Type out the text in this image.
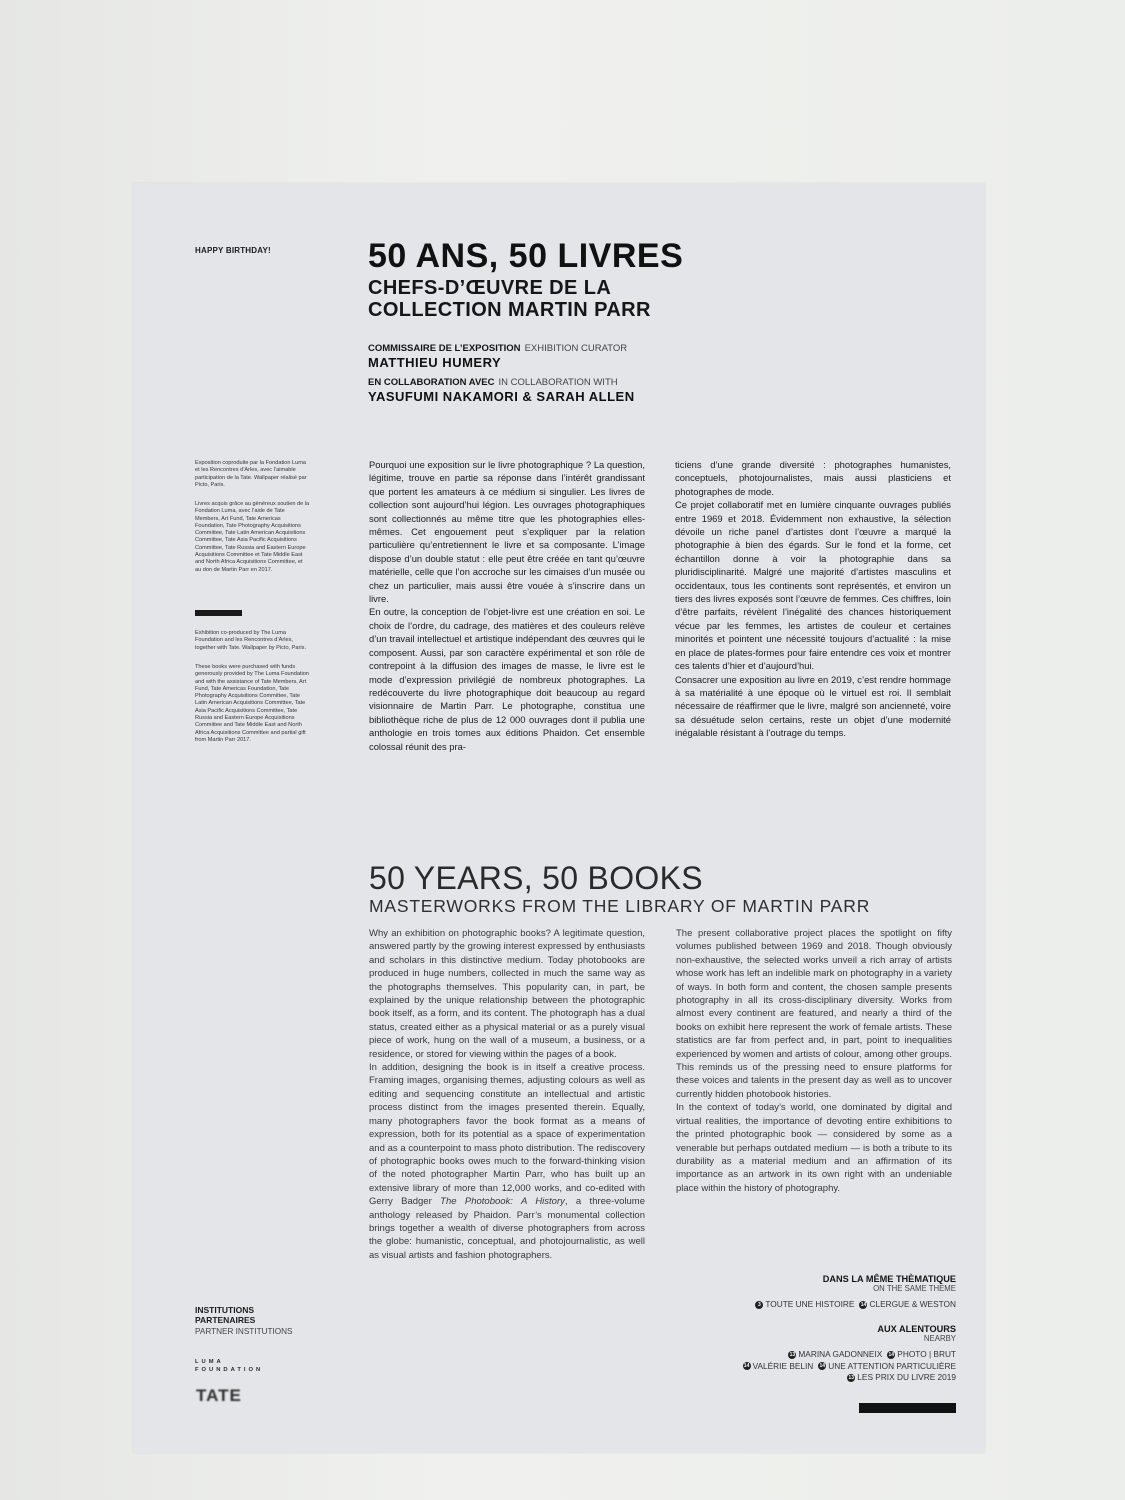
HAPPY BIRTHDAY!	50 ANS, 50 LIVRES
CHEFS-D’ŒUVRE DE LA
COLLECTION MARTIN PARR
COMMISSAIRE DE L’EXPOSITION EXHIBITION CURATOR
MATTHIEU HUMERY
EN COLLABORATION AVEC IN COLLABORATION WITH
YASUFUMI NAKAMORI & SARAH ALLEN
Exposition coproduite par la Fondation Luma et les Rencontres d’Arles, avec l’aimable participation de la Tate. Wallpaper réalisé par Picto, Paris.
Livres acquis grâce au généreux soutien de la Fondation Luma, avec l’aide de Tate Members, Art Fund, Tate Americas Foundation, Tate Photography Acquisitions Committee, Tate Latin American Acquisitions Committee, Tate Asia Pacific Acquisitions Committee, Tate Russia and Eastern Europe Acquisitions Committee et Tate Middle East and North Africa Acquisitions Committee, et au don de Martin Parr en 2017.
Exhibition co-produced by The Luma Foundation and les Rencontres d’Arles, together with Tate. Wallpaper by Picto, Paris.
These books were purchased with funds generously provided by The Luma Foundation and with the assistance of Tate Members, Art Fund, Tate Americas Foundation, Tate Photography Acquisitions Committee, Tate Latin American Acquisitions Committee, Tate Asia Pacific Acquisitions Committee, Tate Russia and Eastern Europe Acquisitions Committee and Tate Middle East and North Africa Acquisitions Committee and partial gift from Martin Parr 2017.
Pourquoi une exposition sur le livre photographique ? La question, légitime, trouve en partie sa réponse dans l’intérêt grandissant que portent les amateurs à ce médium si singulier. Les livres de collection sont aujourd’hui légion. Les ouvrages photographiques sont collectionnés au même titre que les photographies elles-mêmes. Cet engouement peut s’expliquer par la relation particulière qu’entretiennent le livre et sa composante. L’image dispose d’un double statut : elle peut être créée en tant qu’œuvre matérielle, celle que l’on accroche sur les cimaises d’un musée ou chez un particulier, mais aussi être vouée à s’inscrire dans un livre.
En outre, la conception de l’objet-livre est une création en soi. Le choix de l’ordre, du cadrage, des matières et des couleurs relève d’un travail intellectuel et artistique indépendant des œuvres qui le composent. Aussi, par son caractère expérimental et son rôle de contrepoint à la diffusion des images de masse, le livre est le mode d’expression privilégié de nombreux photographes. La redécouverte du livre photographique doit beaucoup au regard visionnaire de Martin Parr. Le photographe, constitua une bibliothèque riche de plus de 12 000 ouvrages dont il publia une anthologie en trois tomes aux éditions Phaidon. Cet ensemble colossal réunit des pra-
ticiens d’une grande diversité : photographes humanistes, conceptuels, photojournalistes, mais aussi plasticiens et photographes de mode.
Ce projet collaboratif met en lumière cinquante ouvrages publiés entre 1969 et 2018. Évidemment non exhaustive, la sélection dévoile un riche panel d’artistes dont l’œuvre a marqué la photographie à bien des égards. Sur le fond et la forme, cet échantillon donne à voir la photographie dans sa pluridisciplinarité. Malgré une majorité d’artistes masculins et occidentaux, tous les continents sont représentés, et environ un tiers des livres exposés sont l’œuvre de femmes. Ces chiffres, loin d’être parfaits, révèlent l’inégalité des chances historiquement vécue par les femmes, les artistes de couleur et certaines minorités et pointent une nécessité toujours d’actualité : la mise en place de plates-formes pour faire entendre ces voix et montrer ces talents d’hier et d’aujourd’hui.
Consacrer une exposition au livre en 2019, c’est rendre hommage à sa matérialité à une époque où le virtuel est roi. Il semblait nécessaire de réaffirmer que le livre, malgré son ancienneté, voire sa désuétude selon certains, reste un objet d’une modernité inégalable résistant à l’outrage du temps.
50 YEARS, 50 BOOKS
MASTERWORKS FROM THE LIBRARY OF MARTIN PARR
Why an exhibition on photographic books? A legitimate question, answered partly by the growing interest expressed by enthusiasts and scholars in this distinctive medium. Today photobooks are produced in huge numbers, collected in much the same way as the photographs themselves. This popularity can, in part, be explained by the unique relationship between the photographic book itself, as a form, and its content. The photograph has a dual status, created either as a physical material or as a purely visual piece of work, hung on the wall of a museum, a business, or a residence, or stored for viewing within the pages of a book.
In addition, designing the book is in itself a creative process. Framing images, organising themes, adjusting colours as well as editing and sequencing constitute an intellectual and artistic process distinct from the images presented therein. Equally, many photographers favor the book format as a means of expression, both for its potential as a space of experimentation and as a counterpoint to mass photo distribution. The rediscovery of photographic books owes much to the forward-thinking vision of the noted photographer Martin Parr, who has built up an extensive library of more than 12,000 works, and co-edited with Gerry Badger The Photobook: A History, a three-volume anthology released by Phaidon. Parr’s monumental collection brings together a wealth of diverse photographers from across the globe: humanistic, conceptual, and photojournalistic, as well as visual artists and fashion photographers.
The present collaborative project places the spotlight on fifty volumes published between 1969 and 2018. Though obviously non-exhaustive, the selected works unveil a rich array of artists whose work has left an indelible mark on photography in a variety of ways. In both form and content, the chosen sample presents photography in all its cross-disciplinary diversity. Works from almost every continent are featured, and nearly a third of the books on exhibit here represent the work of female artists. These statistics are far from perfect and, in part, point to inequalities experienced by women and artists of colour, among other groups. This reminds us of the pressing need to ensure platforms for these voices and talents in the present day as well as to uncover currently hidden photobook histories.
In the context of today’s world, one dominated by digital and virtual realities, the importance of devoting entire exhibitions to the printed photographic book — considered by some as a venerable but perhaps outdated medium — is both a tribute to its durability as a material medium and an affirmation of its importance as an artwork in its own right with an undeniable place within the history of photography.
INSTITUTIONS
PARTENAIRES
PARTNER INSTITUTIONS
LUMA
FOUNDATION
TATE
DANS LA MÊME THÈMATIQUE
ON THE SAME THEME
3 TOUTE UNE HISTOIRE 14 CLERGUE & WESTON
AUX ALENTOURS
NEARBY
13 MARINA GADONNEIX 14 PHOTO | BRUT
14 VALÉRIE BELIN 14 UNE ATTENTION PARTICULIÈRE
13 LES PRIX DU LIVRE 2019
